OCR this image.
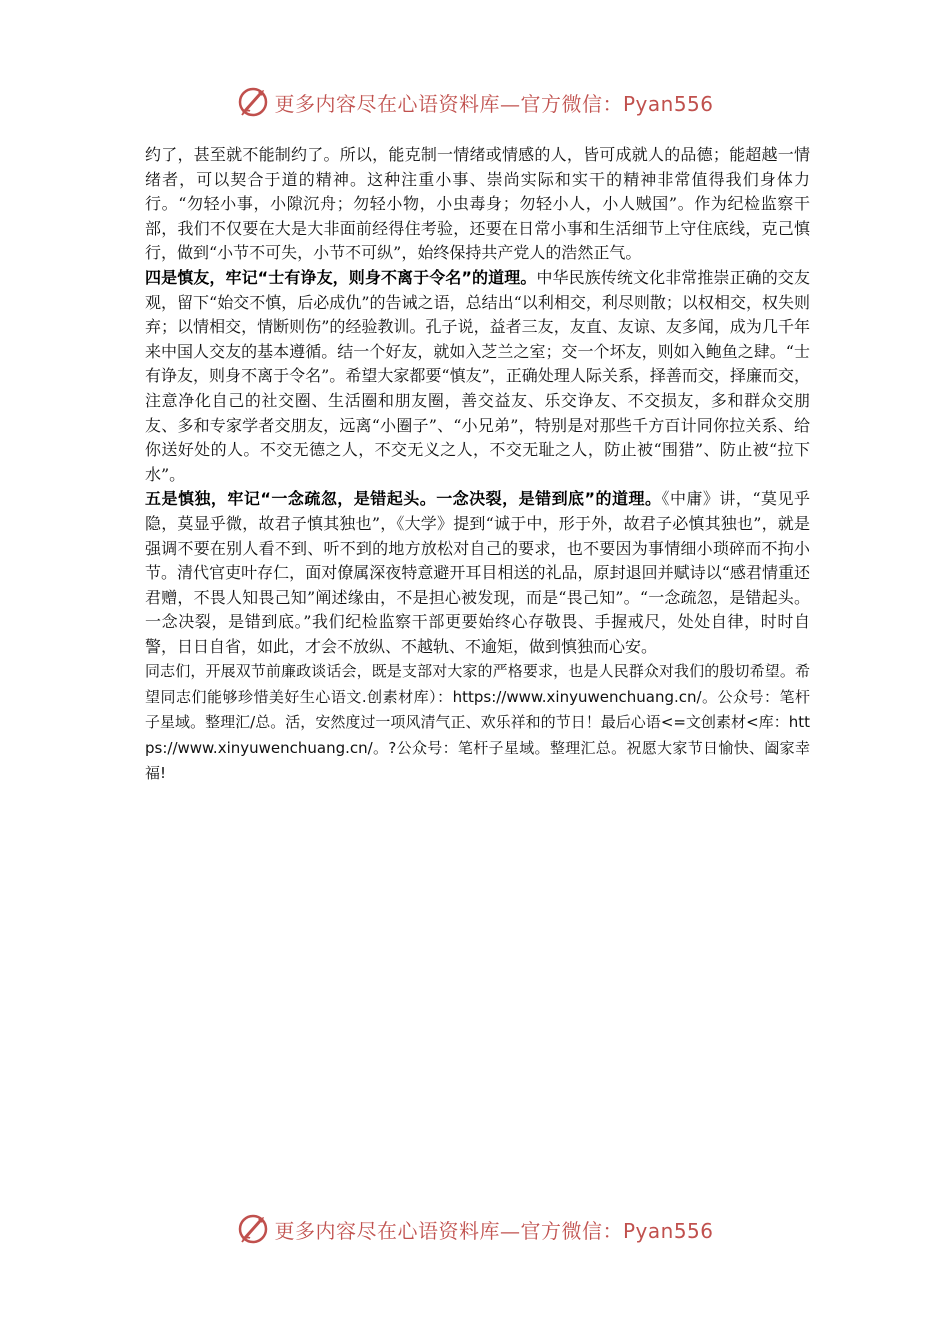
更多内容尽在心语资料库—官方微信：Pyan556

约了，甚至就不能制约了。所以，能克制一情绪或情感的人，皆可成就人的品德；能超越一情绪者，可以契合于道的精神。这种注重小事、崇尚实际和实干的精神非常值得我们身体力行。“勿轻小事，小隙沉舟；勿轻小物，小虫毒身；勿轻小人，小人贼国”。作为纪检监察干部，我们不仅要在大是大非面前经得住考验，还要在日常小事和生活细节上守住底线，克己慎行，做到“小节不可失，小节不可纵”，始终保持共产党人的浩然正气。

四是慎友，牢记“士有诤友，则身不离于令名”的道理。中华民族传统文化非常推崇正确的交友观，留下“始交不慎，后必成仇”的告诫之语，总结出“以利相交，利尽则散；以权相交，权失则弃；以情相交，情断则伤”的经验教训。孔子说，益者三友，友直、友谅、友多闻，成为几千年来中国人交友的基本遵循。结一个好友，就如入芝兰之室；交一个坏友，则如入鲍鱼之肆。“士有诤友，则身不离于令名”。希望大家都要“慎友”，正确处理人际关系，择善而交，择廉而交，注意净化自己的社交圈、生活圈和朋友圈，善交益友、乐交诤友、不交损友，多和群众交朋友、多和专家学者交朋友，远离“小圈子”、“小兄弟”，特别是对那些千方百计同你拉关系、给你送好处的人。不交无德之人，不交无义之人，不交无耻之人，防止被“围猎”、防止被“拉下水”。

五是慎独，牢记“一念疏忽，是错起头。一念决裂，是错到底”的道理。《中庸》讲，“莫见乎隐，莫显乎微，故君子慎其独也”，《大学》提到“诚于中，形于外，故君子必慎其独也”，就是强调不要在别人看不到、听不到的地方放松对自己的要求，也不要因为事情细小琐碎而不拘小节。清代官吏叶存仁，面对僚属深夜特意避开耳目相送的礼品，原封退回并赋诗以“感君情重还君赠，不畏人知畏己知”阐述缘由，不是担心被发现，而是“畏己知”。“一念疏忽，是错起头。一念决裂，是错到底。”我们纪检监察干部更要始终心存敬畏、手握戒尺，处处自律，时时自警，日日自省，如此，才会不放纵、不越轨、不逾矩，做到慎独而心安。

同志们，开展双节前廉政谈话会，既是支部对大家的严格要求，也是人民群众对我们的殷切希望。希望同志们能够珍惜美好生心语文.创素材库）：https://www.xinyuwenchuang.cn/。公众号：笔杆子星域。整理汇/总。活，安然度过一项风清气正、欢乐祥和的节日！最后心语<=文创素材<库：https://www.xinyuwenchuang.cn/。?公众号：笔杆子星域。整理汇总。祝愿大家节日愉快、阖家幸福!

更多内容尽在心语资料库—官方微信：Pyan556
